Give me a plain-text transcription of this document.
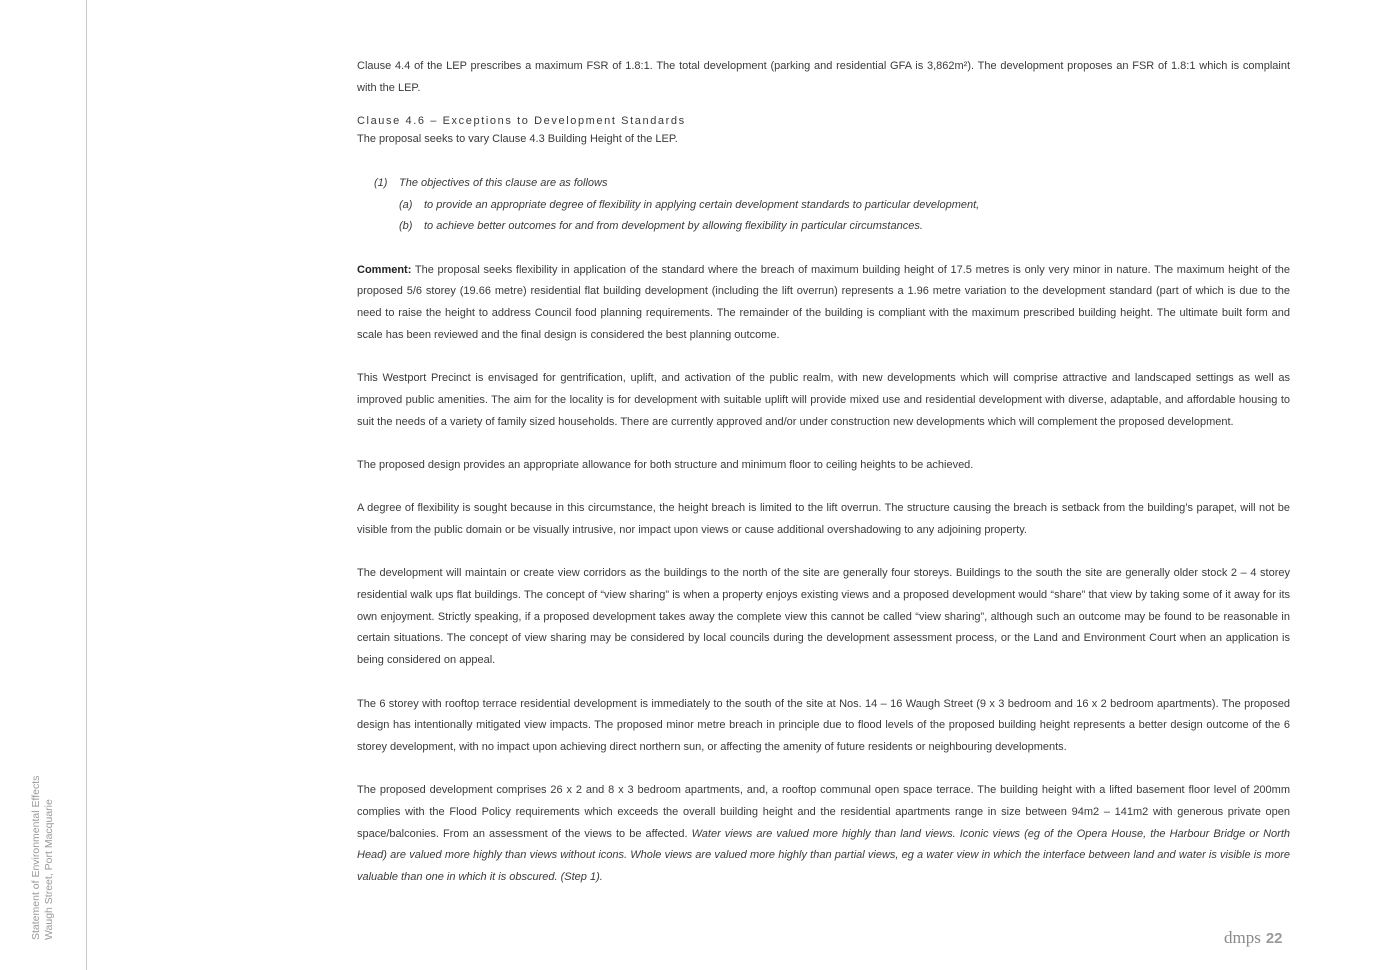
Statement of Environmental Effects Waugh Street, Port Macquarie

Clause 4.4 of the LEP prescribes a maximum FSR of 1.8:1. The total development (parking and residential GFA is 3,862m²). The development proposes an FSR of 1.8:1 which is complaint with the LEP.

Clause 4.6 – Exceptions to Development Standards

The proposal seeks to vary Clause 4.3 Building Height of the LEP.

(1)	The objectives of this clause are as follows
(a)	to provide an appropriate degree of flexibility in applying certain development standards to particular development,
(b)	to achieve better outcomes for and from development by allowing flexibility in particular circumstances.

Comment: The proposal seeks flexibility in application of the standard where the breach of maximum building height of 17.5 metres is only very minor in nature. The maximum height of the proposed 5/6 storey (19.66 metre) residential flat building development (including the lift overrun) represents a 1.96 metre variation to the development standard (part of which is due to the need to raise the height to address Council food planning requirements. The remainder of the building is compliant with the maximum prescribed building height. The ultimate built form and scale has been reviewed and the final design is considered the best planning outcome.

This Westport Precinct is envisaged for gentrification, uplift, and activation of the public realm, with new developments which will comprise attractive and landscaped settings as well as improved public amenities. The aim for the locality is for development with suitable uplift will provide mixed use and residential development with diverse, adaptable, and affordable housing to suit the needs of a variety of family sized households. There are currently approved and/or under construction new developments which will complement the proposed development.

The proposed design provides an appropriate allowance for both structure and minimum floor to ceiling heights to be achieved.

A degree of flexibility is sought because in this circumstance, the height breach is limited to the lift overrun. The structure causing the breach is setback from the building’s parapet, will not be visible from the public domain or be visually intrusive, nor impact upon views or cause additional overshadowing to any adjoining property.

The development will maintain or create view corridors as the buildings to the north of the site are generally four storeys. Buildings to the south the site are generally older stock 2 – 4 storey residential walk ups flat buildings. The concept of “view sharing” is when a property enjoys existing views and a proposed development would “share” that view by taking some of it away for its own enjoyment. Strictly speaking, if a proposed development takes away the complete view this cannot be called “view sharing”, although such an outcome may be found to be reasonable in certain situations. The concept of view sharing may be considered by local councils during the development assessment process, or the Land and Environment Court when an application is being considered on appeal.

The 6 storey with rooftop terrace residential development is immediately to the south of the site at Nos. 14 – 16 Waugh Street (9 x 3 bedroom and 16 x 2 bedroom apartments). The proposed design has intentionally mitigated view impacts. The proposed minor metre breach in principle due to flood levels of the proposed building height represents a better design outcome of the 6 storey development, with no impact upon achieving direct northern sun, or affecting the amenity of future residents or neighbouring developments.

The proposed development comprises 26 x 2 and 8 x 3 bedroom apartments, and, a rooftop communal open space terrace. The building height with a lifted basement floor level of 200mm complies with the Flood Policy requirements which exceeds the overall building height and the residential apartments range in size between 94m2 – 141m2 with generous private open space/balconies. From an assessment of the views to be affected. Water views are valued more highly than land views. Iconic views (eg of the Opera House, the Harbour Bridge or North Head) are valued more highly than views without icons. Whole views are valued more highly than partial views, eg a water view in which the interface between land and water is visible is more valuable than one in which it is obscured. (Step 1).

dmps 22
